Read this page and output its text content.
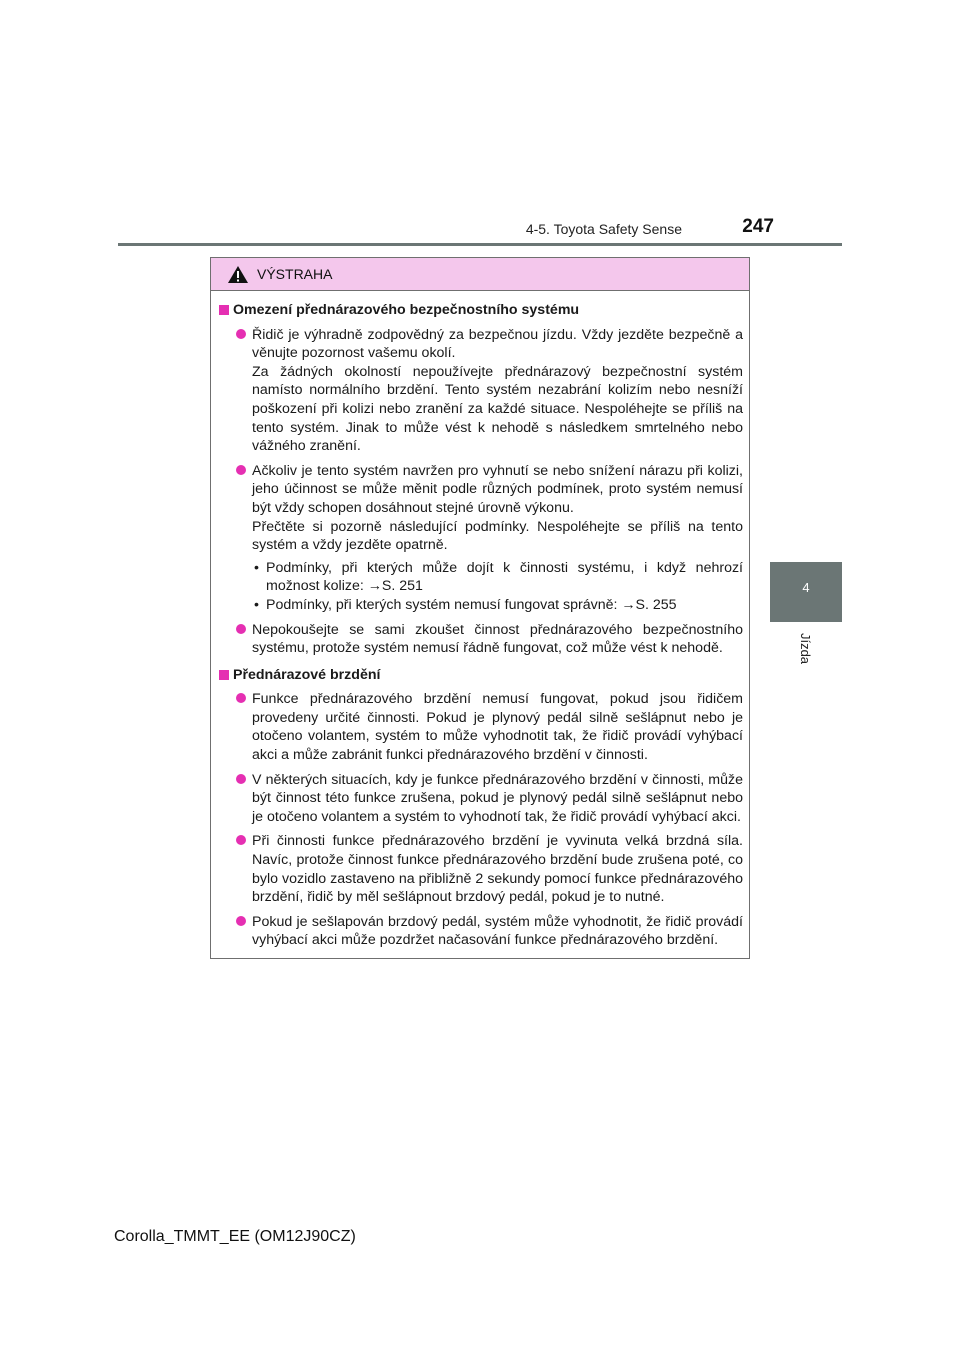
4-5. Toyota Safety Sense	247
4
Jízda
VÝSTRAHA
Omezení přednárazového bezpečnostního systému

Řidič je výhradně zodpovědný za bezpečnou jízdu. Vždy jezděte bezpečně a věnujte pozornost vašemu okolí.

Za žádných okolností nepoužívejte přednárazový bezpečnostní systém namísto normálního brzdění. Tento systém nezabrání kolizím nebo nesníží poškození při kolizi nebo zranění za každé situace. Nespoléhejte se příliš na tento systém. Jinak to může vést k nehodě s následkem smrtelného nebo vážného zranění.

Ačkoliv je tento systém navržen pro vyhnutí se nebo snížení nárazu při kolizi, jeho účinnost se může měnit podle různých podmínek, proto systém nemusí být vždy schopen dosáhnout stejné úrovně výkonu.

Přečtěte si pozorně následující podmínky. Nespoléhejte se příliš na tento systém a vždy jezděte opatrně.

• Podmínky, při kterých může dojít k činnosti systému, i když nehrozí možnost kolize: →S. 251
• Podmínky, při kterých systém nemusí fungovat správně: →S. 255

Nepokoušejte se sami zkoušet činnost přednárazového bezpečnostního systému, protože systém nemusí řádně fungovat, což může vést k nehodě.

Přednárazové brzdění

Funkce přednárazového brzdění nemusí fungovat, pokud jsou řidičem provedeny určité činnosti. Pokud je plynový pedál silně sešlápnut nebo je otočeno volantem, systém to může vyhodnotit tak, že řidič provádí vyhýbací akci a může zabránit funkci přednárazového brzdění v činnosti.

V některých situacích, kdy je funkce přednárazového brzdění v činnosti, může být činnost této funkce zrušena, pokud je plynový pedál silně sešlápnut nebo je otočeno volantem a systém to vyhodnotí tak, že řidič provádí vyhýbací akci.

Při činnosti funkce přednárazového brzdění je vyvinuta velká brzdná síla. Navíc, protože činnost funkce přednárazového brzdění bude zrušena poté, co bylo vozidlo zastaveno na přibližně 2 sekundy pomocí funkce přednárazového brzdění, řidič by měl sešlápnout brzdový pedál, pokud je to nutné.

Pokud je sešlapován brzdový pedál, systém může vyhodnotit, že řidič provádí vyhýbací akci může pozdržet načasování funkce přednárazového brzdění.

Corolla_TMMT_EE (OM12J90CZ)
